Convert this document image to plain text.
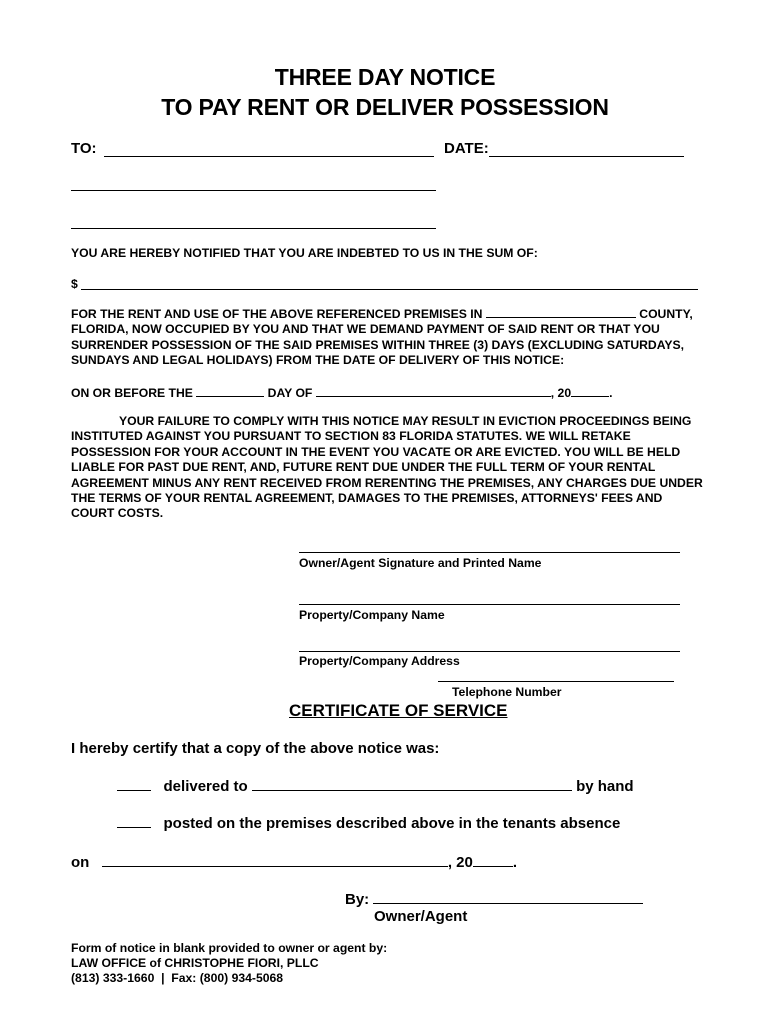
THREE DAY NOTICE
TO PAY RENT OR DELIVER POSSESSION
TO:	DATE:
YOU ARE HEREBY NOTIFIED THAT YOU ARE INDEBTED TO US IN THE SUM OF:
$
FOR THE RENT AND USE OF THE ABOVE REFERENCED PREMISES IN	COUNTY,
FLORIDA, NOW OCCUPIED BY YOU AND THAT WE DEMAND PAYMENT OF SAID RENT OR THAT YOU
SURRENDER POSSESSION OF THE SAID PREMISES WITHIN THREE (3) DAYS (EXCLUDING SATURDAYS,
SUNDAYS AND LEGAL HOLIDAYS) FROM THE DATE OF DELIVERY OF THIS NOTICE:
ON OR BEFORE THE	DAY OF	, 20	.
YOUR FAILURE TO COMPLY WITH THIS NOTICE MAY RESULT IN EVICTION PROCEEDINGS BEING
INSTITUTED AGAINST YOU PURSUANT TO SECTION 83 FLORIDA STATUTES. WE WILL RETAKE
POSSESSION FOR YOUR ACCOUNT IN THE EVENT YOU VACATE OR ARE EVICTED. YOU WILL BE HELD
LIABLE FOR PAST DUE RENT, AND, FUTURE RENT DUE UNDER THE FULL TERM OF YOUR RENTAL
AGREEMENT MINUS ANY RENT RECEIVED FROM RERENTING THE PREMISES, ANY CHARGES DUE UNDER
THE TERMS OF YOUR RENTAL AGREEMENT, DAMAGES TO THE PREMISES, ATTORNEYS' FEES AND
COURT COSTS.
Owner/Agent Signature and Printed Name
Property/Company Name
Property/Company Address
Telephone Number
CERTIFICATE OF SERVICE
I hereby certify that a copy of the above notice was:
delivered to	by hand
posted on the premises described above in the tenants absence
on	, 20	.
By:
Owner/Agent
Form of notice in blank provided to owner or agent by:
LAW OFFICE of CHRISTOPHE FIORI, PLLC
(813) 333-1660  |  Fax: (800) 934-5068
